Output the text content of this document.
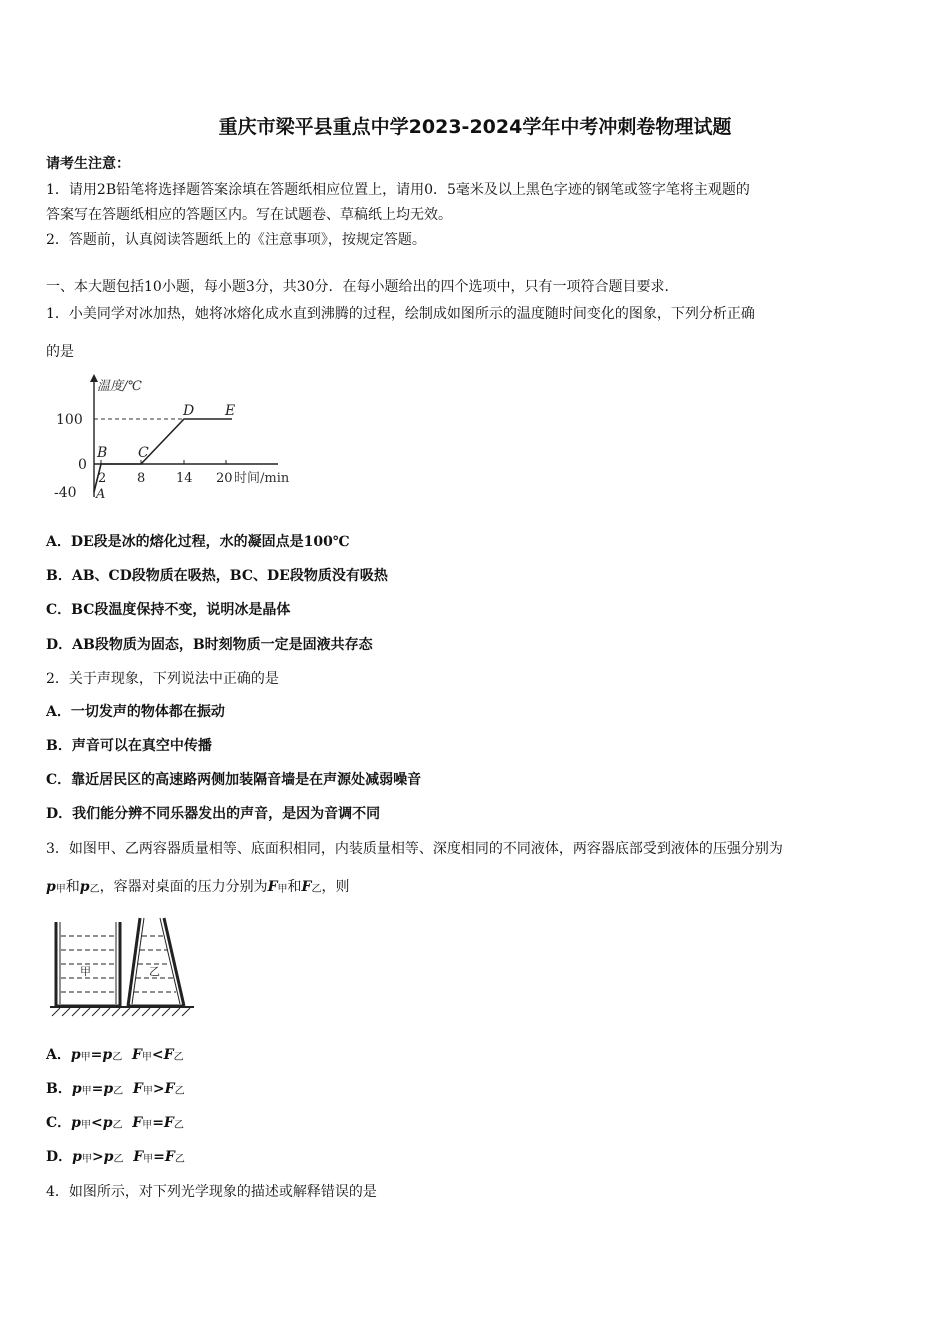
重庆市梁平县重点中学2023-2024学年中考冲刺卷物理试题
请考生注意：
1．请用2B铅笔将选择题答案涂填在答题纸相应位置上，请用0．5毫米及以上黑色字迹的钢笔或签字笔将主观题的
答案写在答题纸相应的答题区内。写在试题卷、草稿纸上均无效。
2．答题前，认真阅读答题纸上的《注意事项》，按规定答题。
一、本大题包括10小题，每小题3分，共30分．在每小题给出的四个选项中，只有一项符合题目要求．
1．小美同学对冰加热，她将冰熔化成水直到沸腾的过程，绘制成如图所示的温度随时间变化的图象，下列分析正确
的是
温度/℃
100
0
-40
2 8 14 20 时间/min
A
B C
D E
A．DE段是冰的熔化过程，水的凝固点是100℃
B．AB、CD段物质在吸热，BC、DE段物质没有吸热
C．BC段温度保持不变，说明冰是晶体
D．AB段物质为固态，B时刻物质一定是固液共存态
2．关于声现象，下列说法中正确的是
A．一切发声的物体都在振动
B．声音可以在真空中传播
C．靠近居民区的高速路两侧加装隔音墙是在声源处减弱噪音
D．我们能分辨不同乐器发出的声音，是因为音调不同
3．如图甲、乙两容器质量相等、底面积相同，内装质量相等、深度相同的不同液体，两容器底部受到液体的压强分别为
p甲和p乙，容器对桌面的压力分别为F甲和F乙，则
甲	乙
A．p甲=p乙 F甲<F乙
B．p甲=p乙 F甲>F乙
C．p甲<p乙 F甲=F乙
D．p甲>p乙 F甲=F乙
4．如图所示，对下列光学现象的描述或解释错误的是
